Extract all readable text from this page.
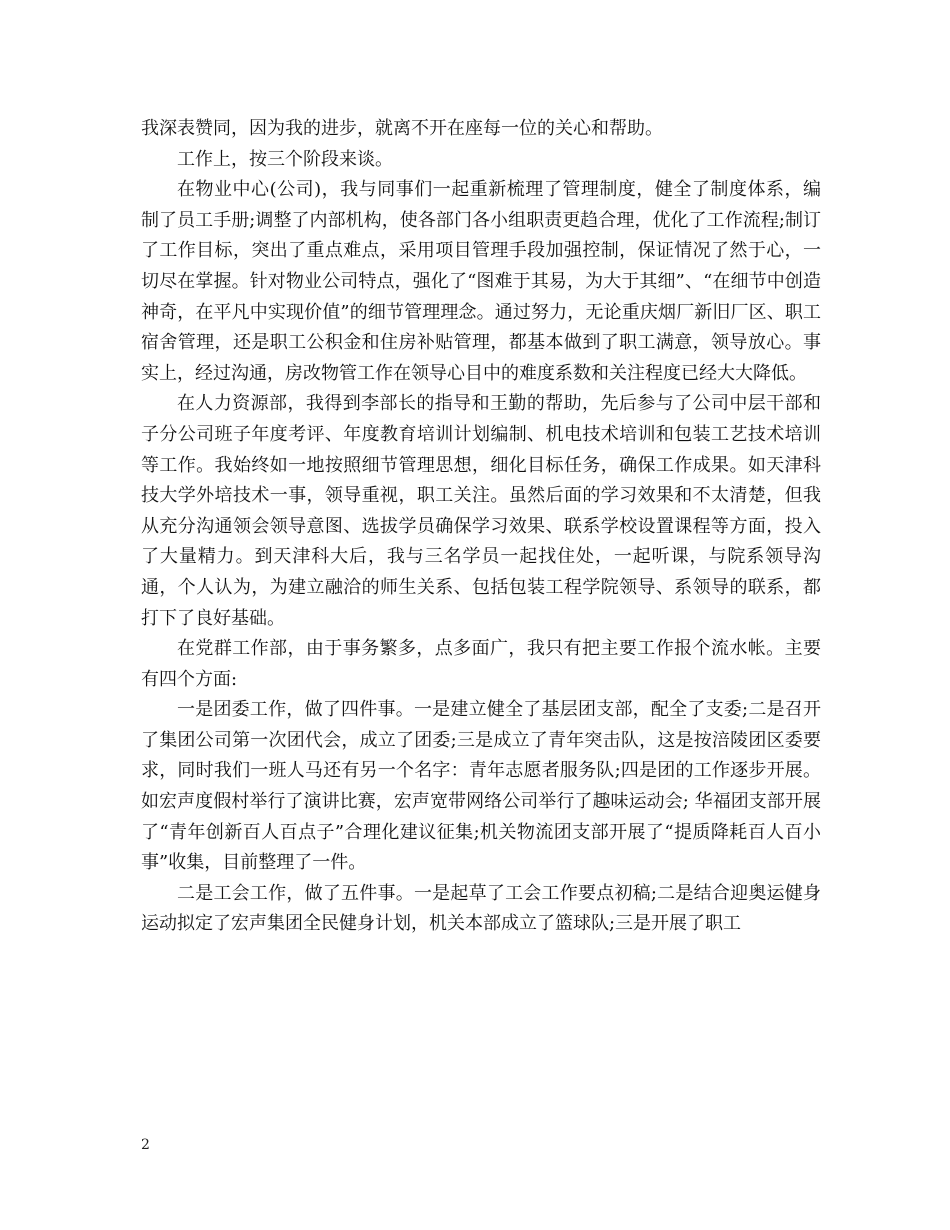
我深表赞同，因为我的进步，就离不开在座每一位的关心和帮助。

工作上，按三个阶段来谈。

在物业中心(公司)，我与同事们一起重新梳理了管理制度，健全了制度体系，编制了员工手册;调整了内部机构，使各部门各小组职责更趋合理，优化了工作流程;制订了工作目标，突出了重点难点，采用项目管理手段加强控制，保证情况了然于心，一切尽在掌握。针对物业公司特点，强化了“图难于其易，为大于其细”、“在细节中创造神奇，在平凡中实现价值”的细节管理理念。通过努力，无论重庆烟厂新旧厂区、职工宿舍管理，还是职工公积金和住房补贴管理，都基本做到了职工满意，领导放心。事实上，经过沟通，房改物管工作在领导心目中的难度系数和关注程度已经大大降低。

在人力资源部，我得到李部长的指导和王勤的帮助，先后参与了公司中层干部和子分公司班子年度考评、年度教育培训计划编制、机电技术培训和包装工艺技术培训等工作。我始终如一地按照细节管理思想，细化目标任务，确保工作成果。如天津科技大学外培技术一事，领导重视，职工关注。虽然后面的学习效果和不太清楚，但我从充分沟通领会领导意图、选拔学员确保学习效果、联系学校设置课程等方面，投入了大量精力。到天津科大后，我与三名学员一起找住处，一起听课，与院系领导沟通，个人认为，为建立融洽的师生关系、包括包装工程学院领导、系领导的联系，都打下了良好基础。

在党群工作部，由于事务繁多，点多面广，我只有把主要工作报个流水帐。主要有四个方面:

一是团委工作，做了四件事。一是建立健全了基层团支部，配全了支委;二是召开了集团公司第一次团代会，成立了团委;三是成立了青年突击队，这是按涪陵团区委要求，同时我们一班人马还有另一个名字：青年志愿者服务队;四是团的工作逐步开展。如宏声度假村举行了演讲比赛，宏声宽带网络公司举行了趣味运动会; 华福团支部开展了“青年创新百人百点子”合理化建议征集;机关物流团支部开展了“提质降耗百人百小事”收集，目前整理了一件。

二是工会工作，做了五件事。一是起草了工会工作要点初稿;二是结合迎奥运健身运动拟定了宏声集团全民健身计划，机关本部成立了篮球队;三是开展了职工

2
